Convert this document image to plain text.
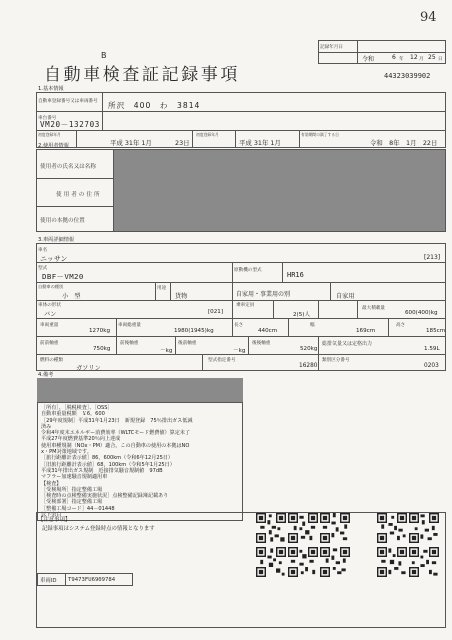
94
記録年月日
令和	6 年 12 月 25 日
B
自動車検査証記録事項	44323039902
1.基本情報
自動車登録番号又は車両番号 所沢　400　わ　3814
車台番号
VM20－132703
初度登録年月
平成 31年 1月	23日
初度登録年月
平成 31年 1月
有効期間の満了する日
令和　8年　1月　22日
2.使用者情報
使用者の氏名又は名称
使用者の住所
使用の本拠の位置
3.車両詳細情報
車名
ニッサン	[213]
型式
DBF－VM20
原動機の型式
HR16
自動車の種別
小　型
用途
貨物	自家用・事業用の別	自家用
車体の形状
バン	[021]
乗車定員
2(5)人
最大積載量
600(400)kg
車両重量
1270kg
車両総重量
1980(1945)kg
長さ
440cm
幅
169cm
高さ
185cm
前前軸重
750kg
前後軸重
－kg
後前軸重
－kg
後後軸重
520kg
総排気量又は定格出力
1.59L
燃料の種類
ガソリン
型式指定番号
16280
類別区分番号
0203
4.備考
［所有］、［脱税検査］、［OSS］
自動車重量税額　￥6，600
［29年度規制］平成31年1月23日　新規登録　75％排出ガス低減
済み
令和4年度末エネルギー消費効率（WLTCモード燃費値）算定未了
平成27年度燃費基準20％向上達成
使用車種規制（NOx・PM）適合。この自動車の使用の本拠はNO
x・PM対策地域です。
［旅行距離計表示値］86，600km（令和6年12月25日）
［旧旅行距離計表示値］68，100km（令和5年1月25日）
平成31年排出ガス規制　近接排気騒音規制値　97dB
マフラー加速騒音規制適用車
【検査】
［受検場所］指定整備工場
［検査時の点検整備実施状況］点検整備記録簿記載あり
［受検部署］指定整備工場
［整備工場コード］44－01448
以下余白
【注意事項】
記録事項はシステム登録時点の情報となります
車両ID T9473FU6909784
